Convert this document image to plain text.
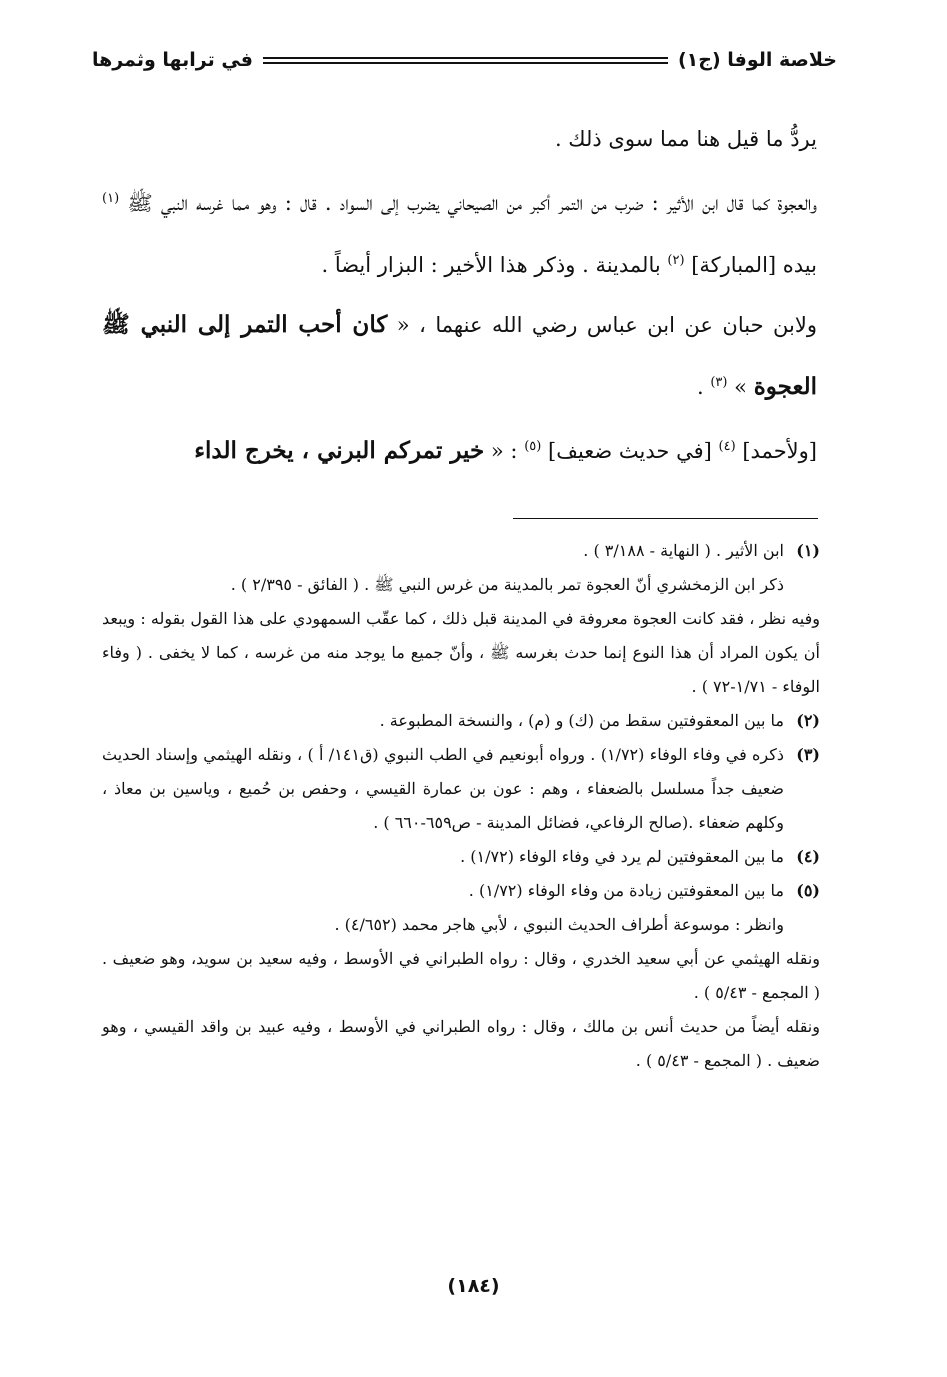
خلاصة الوفا (ج١)
في ترابها وثمرها

يردُّ ما قيل هنا مما سوى ذلك .

والعجوة كما قال ابن الأثير : ضرب من التمر أكبر من الصيحاني يضرب إلى السواد . قال : وهو مما غرسه النبي ﷺ $^{(١)}$ بيده [المباركة] $^{(٢)}$ بالمدينة . وذكر هذا الأخير : البزار أيضاً .

ولابن حبان عن ابن عباس رضي الله عنهما ، « كان أحب التمر إلى النبي ﷺ العجوة » $^{(٣)}$ .

[ولأحمد] $^{(٤)}$ [في حديث ضعيف] $^{(٥)}$ : « خير تمركم البرني ، يخرج الداء

(١)
ابن الأثير . ( النهاية - ٣/١٨٨ ) .

ذكر ابن الزمخشري أنّ العجوة تمر بالمدينة من غرس النبي ﷺ . ( الفائق - ٢/٣٩٥ ) .

وفيه نظر ، فقد كانت العجوة معروفة في المدينة قبل ذلك ، كما عقّب السمهودي على هذا القول بقوله : ويبعد أن يكون المراد أن هذا النوع إنما حدث بغرسه ﷺ ، وأنّ جميع ما يوجد منه من غرسه ، كما لا يخفى . ( وفاء الوفاء - ١/٧١-٧٢ ) .

(٢)
ما بين المعقوفتين سقط من (ك) و (م) ، والنسخة المطبوعة .
(٣)
ذكره في وفاء الوفاء (١/٧٢) . ورواه أبونعيم في الطب النبوي (ق١٤١/ أ ) ، ونقله الهيثمي وإسناد الحديث ضعيف جداً مسلسل بالضعفاء ، وهم : عون بن عمارة القيسي ، وحفص بن حُميع ، وياسين بن معاذ ، وكلهم ضعفاء .(صالح الرفاعي، فضائل المدينة - ص٦٥٩-٦٦٠ ) .
(٤)
ما بين المعقوفتين لم يرد في وفاء الوفاء (١/٧٢) .
(٥)
ما بين المعقوفتين زيادة من وفاء الوفاء (١/٧٢) .

وانظر : موسوعة أطراف الحديث النبوي ، لأبي هاجر محمد (٤/٦٥٢) .

ونقله الهيثمي عن أبي سعيد الخدري ، وقال : رواه الطبراني في الأوسط ، وفيه سعيد بن سويد، وهو ضعيف . ( المجمع - ٥/٤٣ ) .

ونقله أيضاً من حديث أنس بن مالك ، وقال : رواه الطبراني في الأوسط ، وفيه عبيد بن واقد القيسي ، وهو ضعيف . ( المجمع - ٥/٤٣ ) .

(١٨٤)
